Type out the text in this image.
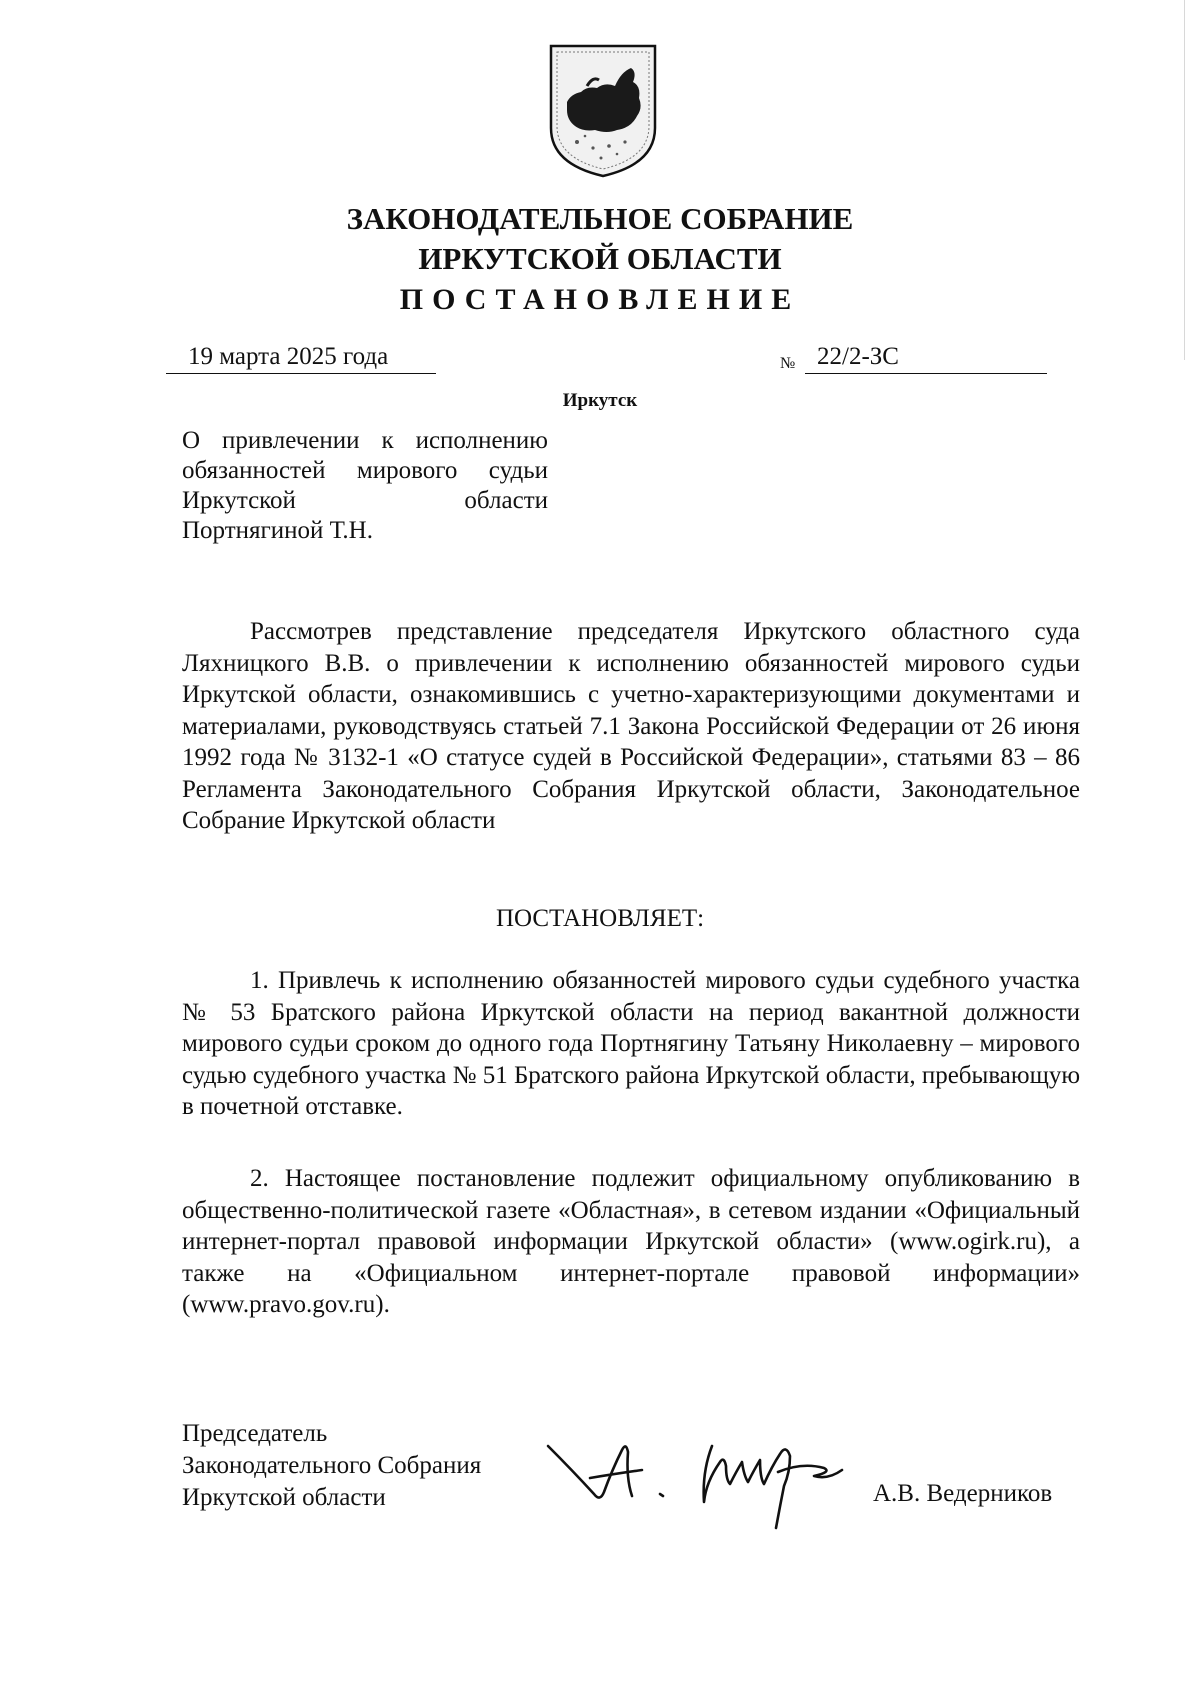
ЗАКОНОДАТЕЛЬНОЕ СОБРАНИЕ
ИРКУТСКОЙ ОБЛАСТИ
ПОСТАНОВЛЕНИЕ
19 марта 2025 года	№ 22/2-ЗС
Иркутск
О привлечении к исполнению
обязанностей мирового судьи
Иркутской области
Портнягиной Т.Н.
Рассмотрев представление председателя Иркутского областного суда Ляхницкого В.В. о привлечении к исполнению обязанностей мирового судьи Иркутской области, ознакомившись с учетно-характеризующими документами и материалами, руководствуясь статьей 7.1 Закона Российской Федерации от 26 июня 1992 года № 3132-1 «О статусе судей в Российской Федерации», статьями 83 – 86 Регламента Законодательного Собрания Иркутской области, Законодательное Собрание Иркутской области
ПОСТАНОВЛЯЕТ:
1. Привлечь к исполнению обязанностей мирового судьи судебного участка № 53 Братского района Иркутской области на период вакантной должности мирового судьи сроком до одного года Портнягину Татьяну Николаевну – мирового судью судебного участка № 51 Братского района Иркутской области, пребывающую в почетной отставке.
2. Настоящее постановление подлежит официальному опубликованию в общественно-политической газете «Областная», в сетевом издании «Официальный интернет-портал правовой информации Иркутской области» (www.ogirk.ru), а также на «Официальном интернет-портале правовой информации» (www.pravo.gov.ru).
Председатель
Законодательного Собрания
Иркутской области	А.В. Ведерников
